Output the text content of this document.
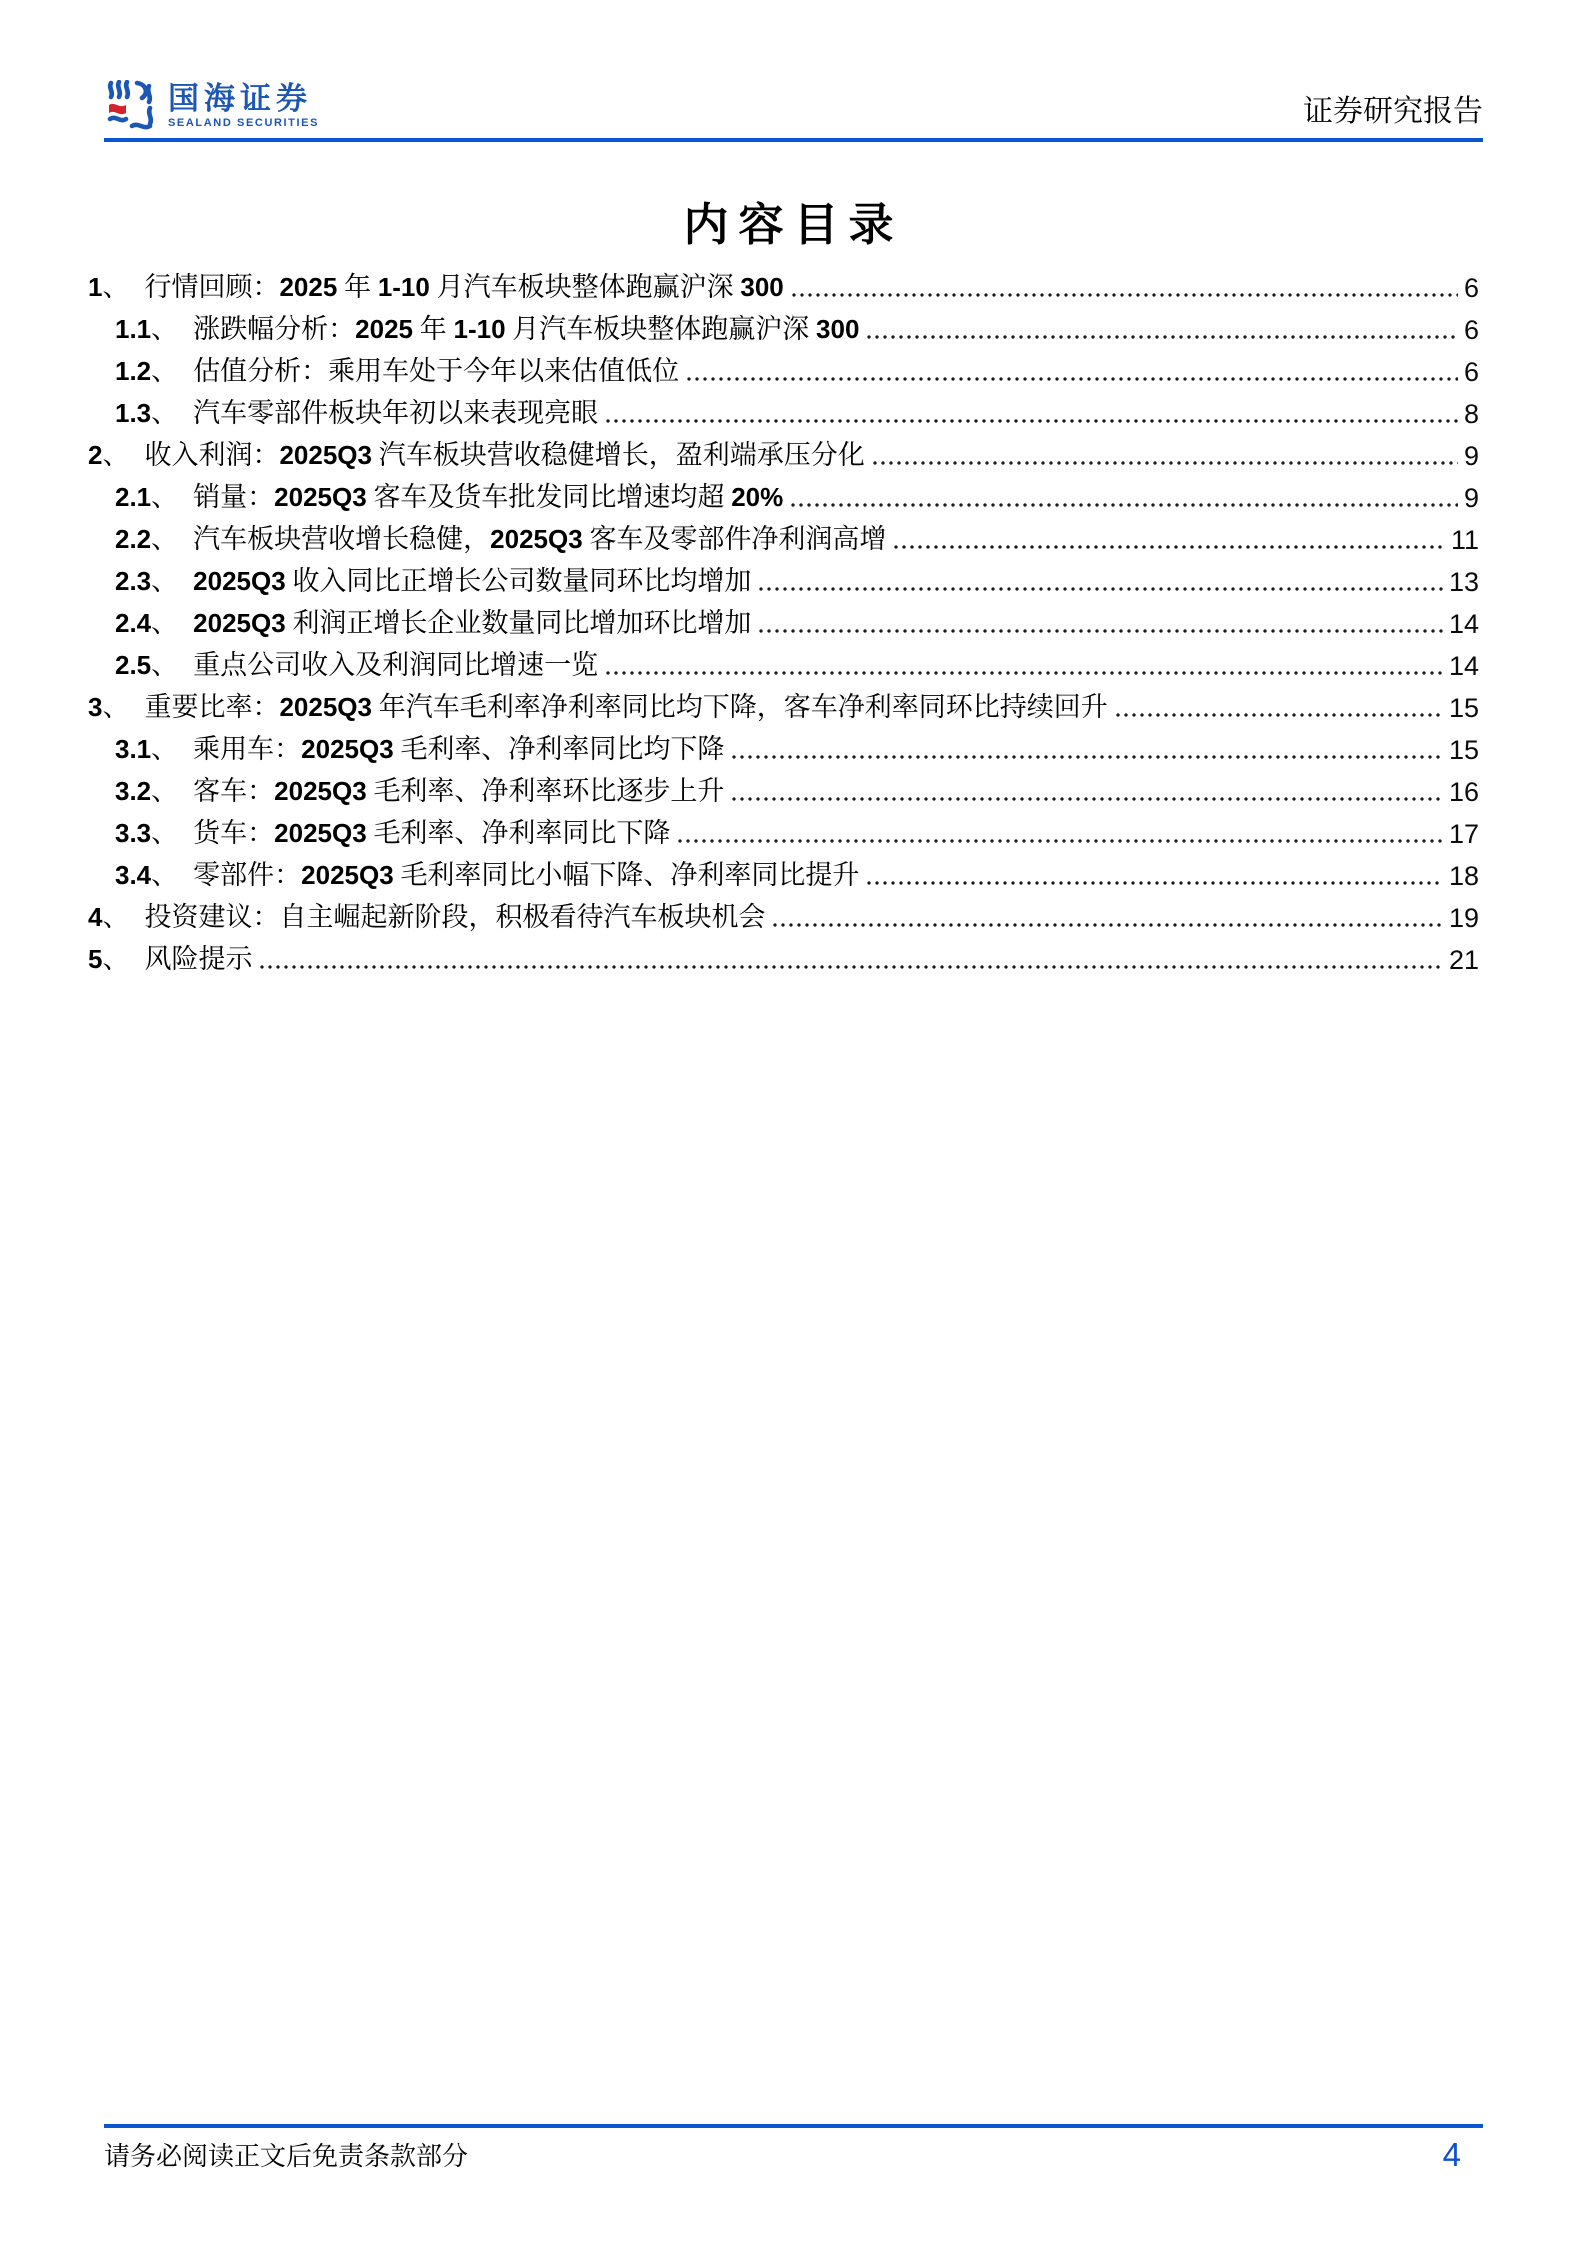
国海证券
SEALAND SECURITIES	证券研究报告
内容目录
1、 行情回顾：2025 年 1-10 月汽车板块整体跑赢沪深 300	6
1.1、 涨跌幅分析：2025 年 1-10 月汽车板块整体跑赢沪深 300	6
1.2、 估值分析：乘用车处于今年以来估值低位	6
1.3、 汽车零部件板块年初以来表现亮眼	8
2、 收入利润：2025Q3 汽车板块营收稳健增长，盈利端承压分化	9
2.1、 销量：2025Q3 客车及货车批发同比增速均超 20%	9
2.2、 汽车板块营收增长稳健，2025Q3 客车及零部件净利润高增	11
2.3、 2025Q3 收入同比正增长公司数量同环比均增加	13
2.4、 2025Q3 利润正增长企业数量同比增加环比增加	14
2.5、 重点公司收入及利润同比增速一览	14
3、 重要比率：2025Q3 年汽车毛利率净利率同比均下降，客车净利率同环比持续回升	15
3.1、 乘用车：2025Q3 毛利率、净利率同比均下降	15
3.2、 客车：2025Q3 毛利率、净利率环比逐步上升	16
3.3、 货车：2025Q3 毛利率、净利率同比下降	17
3.4、 零部件：2025Q3 毛利率同比小幅下降、净利率同比提升	18
4、 投资建议：自主崛起新阶段，积极看待汽车板块机会	19
5、 风险提示	21
请务必阅读正文后免责条款部分	4
